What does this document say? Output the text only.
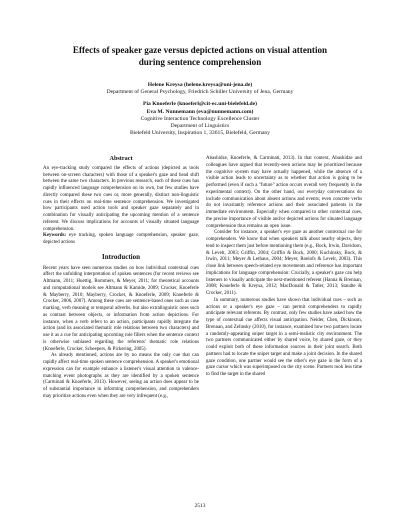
Effects of speaker gaze versus depicted actions on visual attention
during sentence comprehension
Helene Kreysa (helene.kreysa@uni-jena.de)
Department of General Psychology, Friedrich Schiller University of Jena, Germany
Pia Knoeferle (knoeferl@cit-ec.uni-bielefeld.de)
Eva M. Nunnemann (eva@nunnemann.com)
Cognitive Interaction Technology Excellence Cluster
Department of Linguistics
Bielefeld University, Inspiration 1, 33615, Bielefeld, Germany
Abstract

An eye-tracking study compared the effects of actions (depicted as tools between on-screen characters) with those of a speaker's gaze and head shift between the same two characters. In previous research, each of these cues has rapidly influenced language comprehension on its own, but few studies have directly compared these two cues or, more generally, distinct non-linguistic cues in their effects on real-time sentence comprehension. We investigated how participants used action tools and speaker gaze separately and in combination for visually anticipating the upcoming mention of a sentence referent. We discuss implications for accounts of visually situated language comprehension.

Keywords: eye tracking, spoken language comprehension, speaker gaze, depicted actions

Introduction

Recent years have seen numerous studies on how individual contextual cues affect the unfolding interpretation of spoken sentences (for recent reviews see Altmann, 2011; Huettig, Rommers, & Meyer, 2011; for theoretical accounts and computational models see Altmann & Kamide, 2009; Crocker, Knoeferle & Mayberry, 2010; Mayberry, Crocker, & Knoeferle, 2009; Knoeferle & Crocker, 2006, 2007). Among these cues are sentence-based ones such as case marking, verb meaning or temporal adverbs, but also extralinguistic ones such as contrast between objects, or information from action depictions. For instance, when a verb refers to an action, participants rapidly integrate the action (and its associated thematic role relations between two characters) and use it as a cue for anticipating upcoming role fillers when the sentence context is otherwise unbiased regarding the referents' thematic role relations (Knoeferle, Crocker, Scheepers, & Pickering, 2005).

As already mentioned, actions are by no means the only cue that can rapidly affect real-time spoken sentence comprehension. A speaker's emotional expression can for example enhance a listener's visual attention to valence-matching event photographs as they are identified by a spoken sentence (Carminati & Knoeferle, 2013). However, seeing an action does appear to be of substantial importance in informing comprehension, and comprehenders may prioritize actions even when they are very infrequent (e.g.,

Abashidze, Knoeferle, & Carminati, 2013). In that context, Abashidze and colleagues have argued that recently-seen actions may be prioritized because the cognitive system may have actually happened, while the absence of a visible action leads to uncertainty as to whether that action is going to be performed (even if such a "future" action occurs overall very frequently in the experimental context). On the other hand, our everyday conversations do include communication about absent actions and events; even concrete verbs do not invariantly reference actions and their associated patients in the immediate environment. Especially when compared to other contextual cues, the precise importance of visible and/or depicted actions for situated language comprehension thus remains an open issue.

Consider for instance, a speaker's eye gaze as another contextual cue for comprehenders. We know that when speakers talk about nearby objects, they tend to inspect them just before mentioning them (e.g., Bock, Irwin, Davidson, & Levelt, 2003; Griffin, 2004; Griffin & Bock, 2000; Kuchinsky, Bock, & Irwin, 2011; Meyer & Lethaus, 2004; Meyer, Roelofs & Levelt, 2003). This close link between speech-related eye movements and reference has important implications for language comprehension: Crucially, a speaker's gaze can help listeners to visually anticipate the next-mentioned referent (Hanna & Brennan, 2008; Knoeferle & Kreysa, 2012; MacDonald & Tatler, 2013; Staudte & Crocker, 2011).

In summary, numerous studies have shown that individual cues – such as actions or a speaker's eye gaze – can permit comprehenders to rapidly anticipate relevant referents. By contrast, only few studies have asked how the type of contextual cue affects visual anticipation. Neider, Chen, Dickinson, Brennan, and Zelinsky (2010), for instance, examined how two partners locate a randomly-appearing sniper target in a semi-realistic city environment. The two partners communicated either by shared voice, by shared gaze, or they could exploit both of these information sources in their joint search. Both partners had to locate the sniper target and make a joint decision. In the shared gaze condition, one partner would see the other's eye gaze in the form of a gaze cursor which was superimposed on the city scene. Partners took less time to find the target in the shared

2513
